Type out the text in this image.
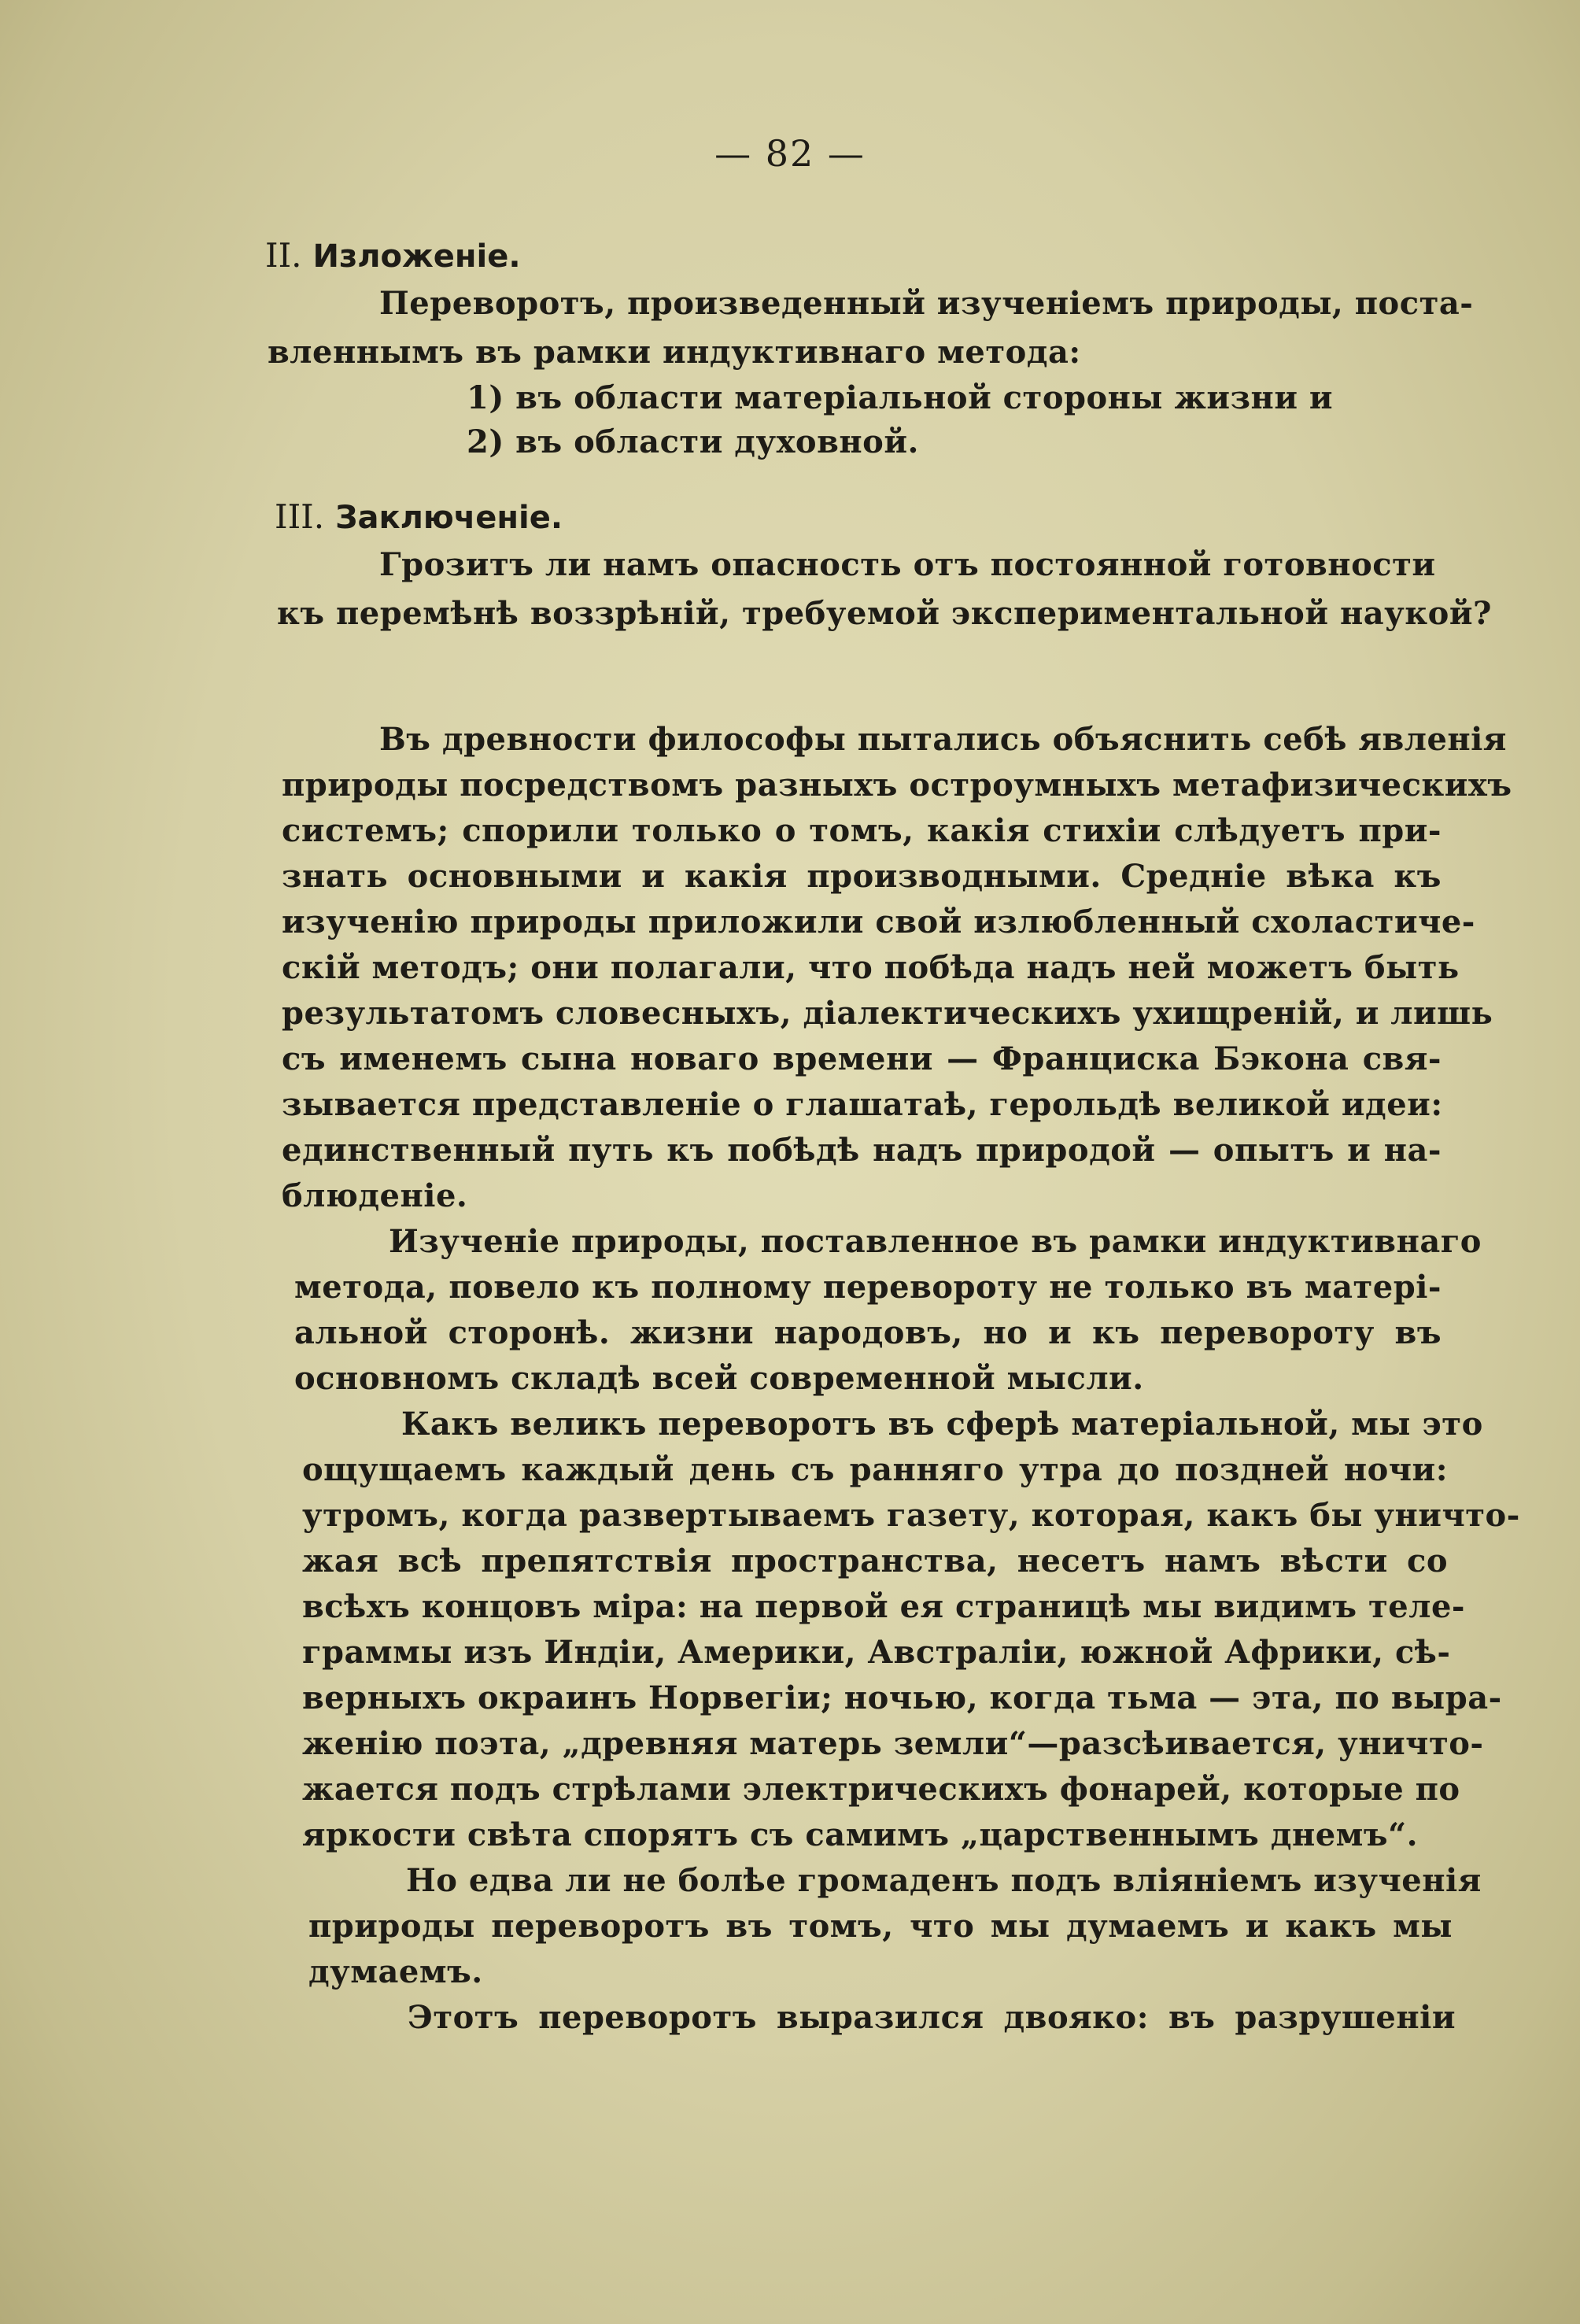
— 82 —
II. Изложеніе.
Переворотъ, произведенный изученіемъ природы, поста-
вленнымъ въ рамки индуктивнаго метода:
1) въ области матеріальной стороны жизни и
2) въ области духовной.
III. Заключеніе.
Грозитъ ли намъ опасность отъ постоянной готовности
къ перемѣнѣ воззрѣній, требуемой экспериментальной наукой?
Въ древности философы пытались объяснить себѣ явленія
природы посредствомъ разныхъ остроумныхъ метафизическихъ
системъ; спорили только о томъ, какія стихіи слѣдуетъ при-
знать основными и какія производными. Средніе вѣка къ
изученію природы приложили свой излюбленный схоластиче-
скій методъ; они полагали, что побѣда надъ ней можетъ быть
результатомъ словесныхъ, діалектическихъ ухищреній, и лишь
съ именемъ сына новаго времени — Франциска Бэкона свя-
зывается представленіе о глашатаѣ, герольдѣ великой идеи:
единственный путь къ побѣдѣ надъ природой — опытъ и на-
блюденіе.
Изученіе природы, поставленное въ рамки индуктивнаго
метода, повело къ полному перевороту не только въ матері-
альной сторонѣ. жизни народовъ, но и къ перевороту въ
основномъ складѣ всей современной мысли.
Какъ великъ переворотъ въ сферѣ матеріальной, мы это
ощущаемъ каждый день съ ранняго утра до поздней ночи:
утромъ, когда развертываемъ газету, которая, какъ бы уничто-
жая всѣ препятствія пространства, несетъ намъ вѣсти со
всѣхъ концовъ міра: на первой ея страницѣ мы видимъ теле-
граммы изъ Индіи, Америки, Австраліи, южной Африки, сѣ-
верныхъ окраинъ Норвегіи; ночью, когда тьма — эта, по выра-
женію поэта, „древняя матерь земли“—разсѣивается, уничто-
жается подъ стрѣлами электрическихъ фонарей, которые по
яркости свѣта спорятъ съ самимъ „царственнымъ днемъ“.
Но едва ли не болѣе громаденъ подъ вліяніемъ изученія
природы переворотъ въ томъ, что мы думаемъ и какъ мы
думаемъ.
Этотъ переворотъ выразился двояко: въ разрушеніи
